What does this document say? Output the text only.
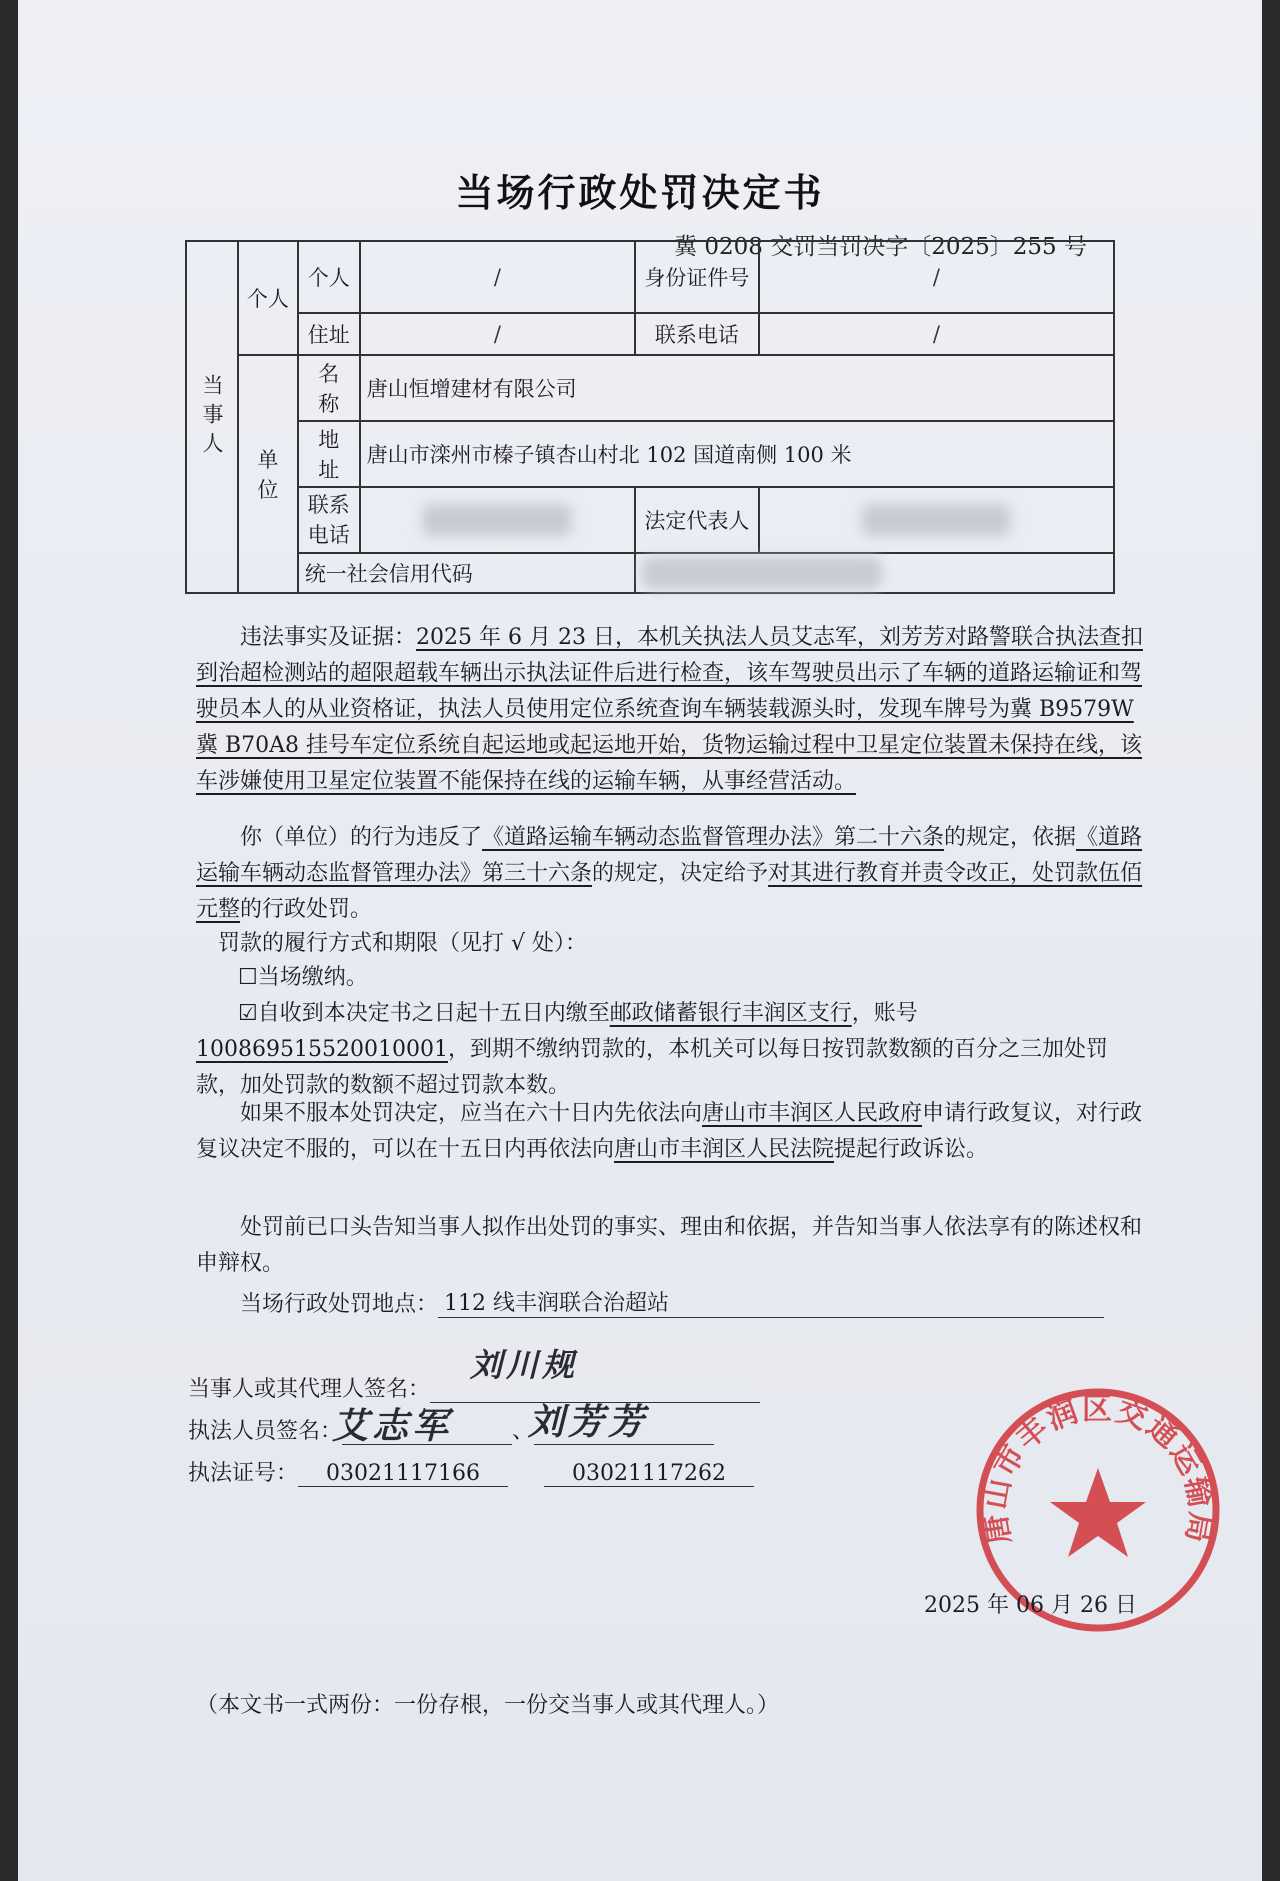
当场行政处罚决定书
冀 0208 交罚当罚决字〔2025〕255 号
当事人	个人	个人	/	身份证件号	/
		住址	/	联系电话	/
	单 位	名 称	唐山恒增建材有限公司		
		地 址	唐山市滦州市榛子镇杏山村北 102 国道南侧 100 米		
		联系电话		法定代表人	
		统一社会信用代码			
违法事实及证据：2025 年 6 月 23 日，本机关执法人员艾志军，刘芳芳对路警联合执法查扣到治超检测站的超限超载车辆出示执法证件后进行检查，该车驾驶员出示了车辆的道路运输证和驾驶员本人的从业资格证，执法人员使用定位系统查询车辆装载源头时，发现车牌号为冀 B9579W 冀 B70A8 挂号车定位系统自起运地或起运地开始，货物运输过程中卫星定位装置未保持在线，该车涉嫌使用卫星定位装置不能保持在线的运输车辆，从事经营活动。
你（单位）的行为违反了《道路运输车辆动态监督管理办法》第二十六条的规定，依据《道路运输车辆动态监督管理办法》第三十六条的规定，决定给予对其进行教育并责令改正，处罚款伍佰元整的行政处罚。
罚款的履行方式和期限（见打 √ 处）：
☐当场缴纳。
☑自收到本决定书之日起十五日内缴至邮政储蓄银行丰润区支行，账号100869515520010001，到期不缴纳罚款的，本机关可以每日按罚款数额的百分之三加处罚款，加处罚款的数额不超过罚款本数。
如果不服本处罚决定，应当在六十日内先依法向唐山市丰润区人民政府申请行政复议，对行政复议决定不服的，可以在十五日内再依法向唐山市丰润区人民法院提起行政诉讼。
处罚前已口头告知当事人拟作出处罚的事实、理由和依据，并告知当事人依法享有的陈述权和申辩权。
当场行政处罚地点： 112 线丰润联合治超站
当事人或其代理人签名：
刘川规
执法人员签名：
艾志军	、
刘芳芳
执法证号： 03021117166	03021117262
唐山市丰润区交通运输局
2025 年 06 月 26 日
（本文书一式两份：一份存根，一份交当事人或其代理人。）
